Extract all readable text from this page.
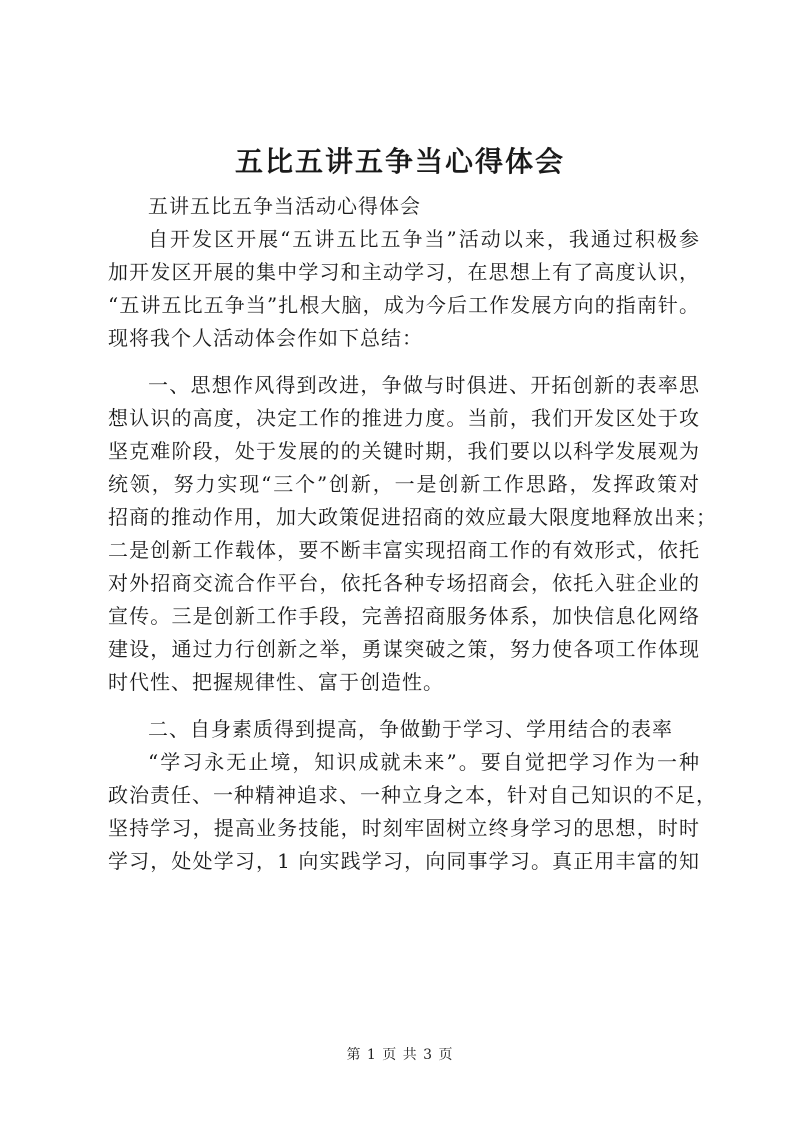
五比五讲五争当心得体会
五讲五比五争当活动心得体会
自开发区开展“五讲五比五争当”活动以来，我通过积极参
加开发区开展的集中学习和主动学习，在思想上有了高度认识，
“五讲五比五争当”扎根大脑，成为今后工作发展方向的指南针。
现将我个人活动体会作如下总结：
一、思想作风得到改进，争做与时俱进、开拓创新的表率思
想认识的高度，决定工作的推进力度。当前，我们开发区处于攻
坚克难阶段，处于发展的的关键时期，我们要以以科学发展观为
统领，努力实现“三个”创新，一是创新工作思路，发挥政策对
招商的推动作用，加大政策促进招商的效应最大限度地释放出来；
二是创新工作载体，要不断丰富实现招商工作的有效形式，依托
对外招商交流合作平台，依托各种专场招商会，依托入驻企业的
宣传。三是创新工作手段，完善招商服务体系，加快信息化网络
建设，通过力行创新之举，勇谋突破之策，努力使各项工作体现
时代性、把握规律性、富于创造性。
二、自身素质得到提高，争做勤于学习、学用结合的表率
“学习永无止境，知识成就未来”。要自觉把学习作为一种
政治责任、一种精神追求、一种立身之本，针对自己知识的不足，
坚持学习，提高业务技能，时刻牢固树立终身学习的思想，时时
学习，处处学习，1 向实践学习，向同事学习。真正用丰富的知
第 1 页 共 3 页
